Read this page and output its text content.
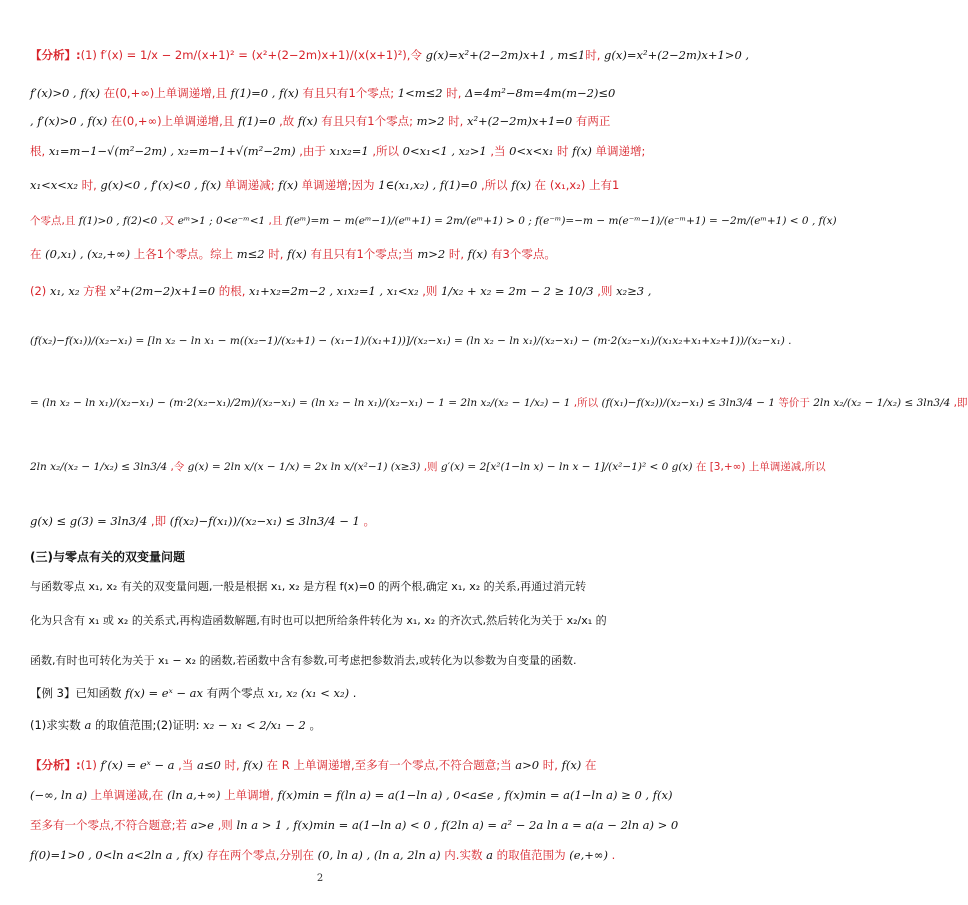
【分析】:(1) f′(x) = 1/x − 2m/(x+1)² = (x²+(2−2m)x+1)/(x(x+1)²),令 g(x)=x²+(2−2m)x+1 , m≤1时, g(x)=x²+(2−2m)x+1>0 ,
f′(x)>0 , f(x) 在(0,+∞)上单调递增,且 f(1)=0 , f(x) 有且只有1个零点; 1<m≤2 时, Δ=4m²−8m=4m(m−2)≤0
, f′(x)>0 , f(x) 在(0,+∞)上单调递增,且 f(1)=0 ,故 f(x) 有且只有1个零点; m>2 时, x²+(2−2m)x+1=0 有两正
根, x₁=m−1−√(m²−2m) , x₂=m−1+√(m²−2m) ,由于 x₁x₂=1 ,所以 0<x₁<1 , x₂>1 ,当 0<x<x₁ 时 f(x) 单调递增;
x₁<x<x₂ 时, g(x)<0 , f′(x)<0 , f(x) 单调递减; f(x) 单调递增;因为 1∈(x₁,x₂) , f(1)=0 ,所以 f(x) 在 (x₁,x₂) 上有1
个零点,且 f(1)>0 , f(2)<0 ,又 eᵐ>1 ; 0<e⁻ᵐ<1 ,且 f(eᵐ)=m − m(eᵐ−1)/(eᵐ+1) = 2m/(eᵐ+1) > 0 ; f(e⁻ᵐ)=−m − m(e⁻ᵐ−1)/(e⁻ᵐ+1) = −2m/(eᵐ+1) < 0 , f(x)
在 (0,x₁) , (x₂,+∞) 上各1个零点。综上 m≤2 时, f(x) 有且只有1个零点;当 m>2 时, f(x) 有3个零点。
(2) x₁, x₂ 方程 x²+(2m−2)x+1=0 的根, x₁+x₂=2m−2 , x₁x₂=1 , x₁<x₂ ,则 1/x₂ + x₂ = 2m − 2 ≥ 10/3 ,则 x₂≥3 ,
(f(x₂)−f(x₁))/(x₂−x₁) = [ln x₂ − ln x₁ − m((x₂−1)/(x₂+1) − (x₁−1)/(x₁+1))]/(x₂−x₁) = (ln x₂ − ln x₁)/(x₂−x₁) − (m·2(x₂−x₁)/(x₁x₂+x₁+x₂+1))/(x₂−x₁) .
= (ln x₂ − ln x₁)/(x₂−x₁) − (m·2(x₂−x₁)/2m)/(x₂−x₁) = (ln x₂ − ln x₁)/(x₂−x₁) − 1 = 2ln x₂/(x₂ − 1/x₂) − 1 ,所以 (f(x₁)−f(x₂))/(x₂−x₁) ≤ 3ln3/4 − 1 等价于 2ln x₂/(x₂ − 1/x₂) ≤ 3ln3/4 ,即
2ln x₂/(x₂ − 1/x₂) ≤ 3ln3/4 ,令 g(x) = 2ln x/(x − 1/x) = 2x ln x/(x²−1) (x≥3) ,则 g′(x) = 2[x²(1−ln x) − ln x − 1]/(x²−1)² < 0 g(x) 在 [3,+∞) 上单调递减,所以
g(x) ≤ g(3) = 3ln3/4 ,即 (f(x₂)−f(x₁))/(x₂−x₁) ≤ 3ln3/4 − 1 。
(三)与零点有关的双变量问题
与函数零点 x₁, x₂ 有关的双变量问题,一般是根据 x₁, x₂ 是方程 f(x)=0 的两个根,确定 x₁, x₂ 的关系,再通过消元转
化为只含有 x₁ 或 x₂ 的关系式,再构造函数解题,有时也可以把所给条件转化为 x₁, x₂ 的齐次式,然后转化为关于 x₂/x₁ 的
函数,有时也可转化为关于 x₁ − x₂ 的函数,若函数中含有参数,可考虑把参数消去,或转化为以参数为自变量的函数.
【例 3】已知函数 f(x) = eˣ − ax 有两个零点 x₁, x₂ (x₁ < x₂) .
(1)求实数 a 的取值范围;(2)证明: x₂ − x₁ < 2/x₁ − 2 。
【分析】:(1) f′(x) = eˣ − a ,当 a≤0 时, f(x) 在 R 上单调递增,至多有一个零点,不符合题意;当 a>0 时, f(x) 在
(−∞, ln a) 上单调递减,在 (ln a,+∞) 上单调增, f(x)min = f(ln a) = a(1−ln a) , 0<a≤e , f(x)min = a(1−ln a) ≥ 0 , f(x)
至多有一个零点,不符合题意;若 a>e ,则 ln a > 1 , f(x)min = a(1−ln a) < 0 , f(2ln a) = a² − 2a ln a = a(a − 2ln a) > 0
f(0)=1>0 , 0<ln a<2ln a , f(x) 存在两个零点,分别在 (0, ln a) , (ln a, 2ln a) 内.实数 a 的取值范围为 (e,+∞) .
2
